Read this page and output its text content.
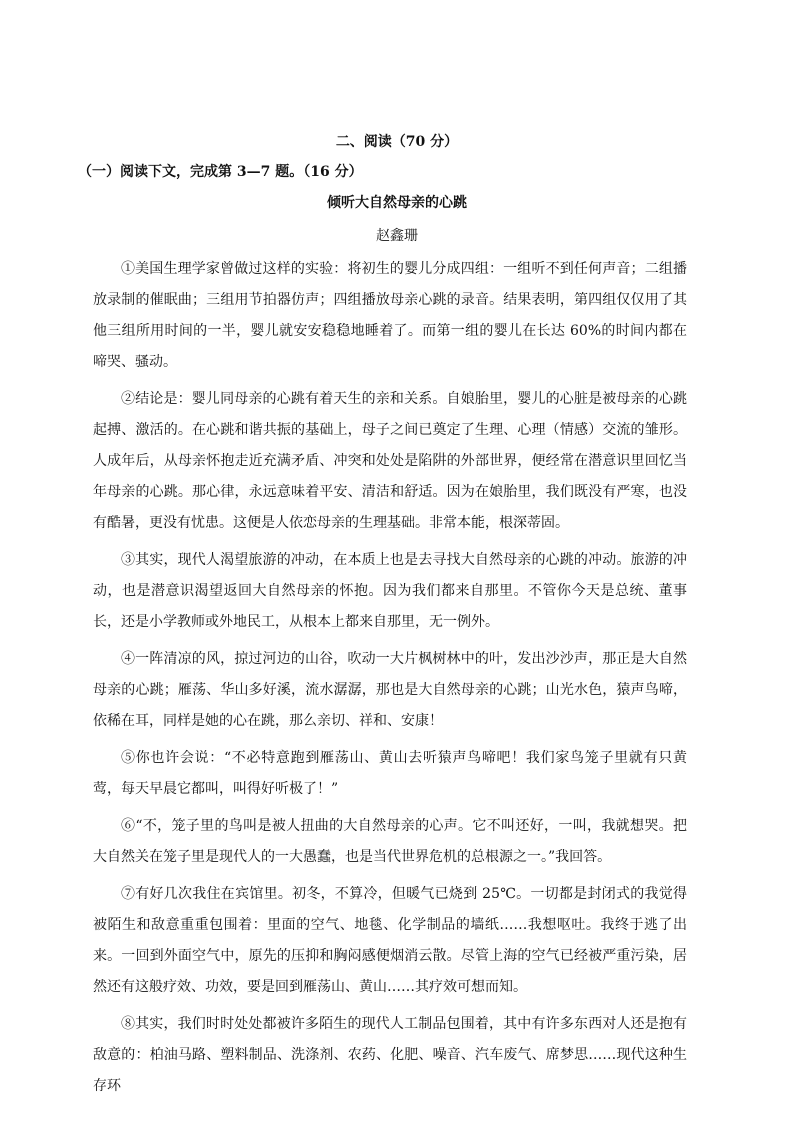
二、阅读（70 分）
（一）阅读下文，完成第 3—7 题。（16 分）
倾听大自然母亲的心跳
赵鑫珊

①美国生理学家曾做过这样的实验：将初生的婴儿分成四组：一组听不到任何声音；二组播放录制的催眠曲；三组用节拍器仿声；四组播放母亲心跳的录音。结果表明，第四组仅仅用了其他三组所用时间的一半，婴儿就安安稳稳地睡着了。而第一组的婴儿在长达 60%的时间内都在啼哭、骚动。

②结论是：婴儿同母亲的心跳有着天生的亲和关系。自娘胎里，婴儿的心脏是被母亲的心跳起搏、激活的。在心跳和谐共振的基础上，母子之间已奠定了生理、心理（情感）交流的雏形。人成年后，从母亲怀抱走近充满矛盾、冲突和处处是陷阱的外部世界，便经常在潜意识里回忆当年母亲的心跳。那心律，永远意味着平安、清洁和舒适。因为在娘胎里，我们既没有严寒，也没有酷暑，更没有忧患。这便是人依恋母亲的生理基础。非常本能，根深蒂固。

③其实，现代人渴望旅游的冲动，在本质上也是去寻找大自然母亲的心跳的冲动。旅游的冲动，也是潜意识渴望返回大自然母亲的怀抱。因为我们都来自那里。不管你今天是总统、董事长，还是小学教师或外地民工，从根本上都来自那里，无一例外。

④一阵清凉的风，掠过河边的山谷，吹动一大片枫树林中的叶，发出沙沙声，那正是大自然母亲的心跳；雁荡、华山多好溪，流水潺潺，那也是大自然母亲的心跳；山光水色，猿声鸟啼，依稀在耳，同样是她的心在跳，那么亲切、祥和、安康！

⑤你也许会说：“不必特意跑到雁荡山、黄山去听猿声鸟啼吧！我们家鸟笼子里就有只黄莺，每天早晨它都叫，叫得好听极了！”

⑥“不，笼子里的鸟叫是被人扭曲的大自然母亲的心声。它不叫还好，一叫，我就想哭。把大自然关在笼子里是现代人的一大愚蠢，也是当代世界危机的总根源之一。”我回答。

⑦有好几次我住在宾馆里。初冬，不算冷，但暖气已烧到 25℃。一切都是封闭式的我觉得被陌生和敌意重重包围着：里面的空气、地毯、化学制品的墙纸……我想呕吐。我终于逃了出来。一回到外面空气中，原先的压抑和胸闷感便烟消云散。尽管上海的空气已经被严重污染，居然还有这般疗效、功效，要是回到雁荡山、黄山……其疗效可想而知。

⑧其实，我们时时处处都被许多陌生的现代人工制品包围着，其中有许多东西对人还是抱有敌意的：柏油马路、塑料制品、洗涤剂、农药、化肥、噪音、汽车废气、席梦思……现代这种生存环
